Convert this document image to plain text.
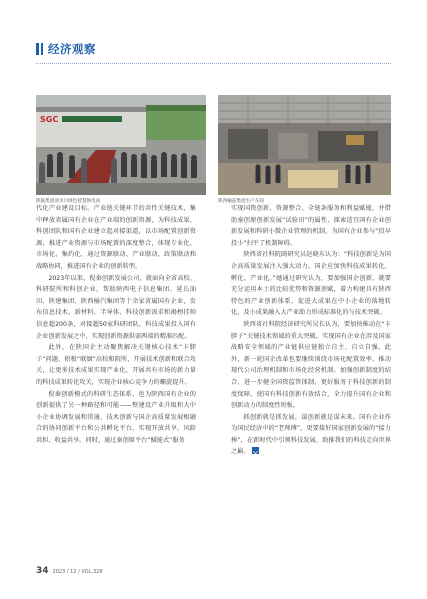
经济观察
SGC
陕鼓集团清水川绿色智慧换电站	陕西榆兹集团生产车间

代化产业建设目标。产业链关键环节的共性关键技术，集中释放省属国有企业在产业端的创新资源，为科技成果、科创团队和国有企业建立起对接渠道，以市场配置创新资源，推进产业资源与市场配置的深度整合，体现专业化、市场化、集约化，通过资源联动、产业联动、政策联动和战略协同，推进国有企业的创新转型。

2023年以来，倪秦创新发展公司，就面向全省高校、科研院所和科创企业，帮助陕西电子信息集团、延长油田、陕建集团、陕西榆汽集团等十余家省属国有企业，发布信息技术、新材料、半导体、科技创新需求和揭榜挂帅信息超200条，对接超50家科研团队，科技成果投入国有企业创新发展之中，实现创新资源供需两端的精准匹配。

此外，在陕国企主动聚焦解决关键核心技术“卡脖子”问题、积极“联姻”高校和院所，开展技术创新和联合攻关，让更多技术成果实现产业化，开展共有市场的新力量的科技成果转化攻关，实现企业核心竞争力的螺旋提升。

倪秦创新模式的科研生态体系，也为陕西国有企业的创新提供了另一种路径和可能——整建设产业升级和大中小企业协调发展和贯通、技术创新与国企高质量发展相融合的协同创新平台和公共孵化平台，实现开放共享、风险共担、收益共享。同时，通过秦创原平台“赋能式”服务

实现国资创新、资源整合、全链条服务和利益赋能，并借助秦创原创新发展“试验田”的属性，探索适宜国有企业创新发展和科研小微企业管理的机制，为国有企业参与“投早投小”扫平了机制障碍。

陕西省社科院副研究员赵晓东认为：“科技创新是为国企高质量发展注入强大动力。国企应加快科技成果转化、孵化、产业化。”她通过研究认为，要加强国企创新，就要充分运用本土的比较优势和资源禀赋，着力构建具有陕西特色的产业创新体系，促进大成果在中小企业的落地转化，及小成果融入大产业助力形成标准化的与技术突破。

陕西省社科院经济研究所吴长认为，要加快推动在“卡脖子”关键技术领域的重大突破，实现国有企业在涉及国家战略安全领域的产业链供应链独立自主、自立自强。此外，新一轮国企改革也要继续围绕市场化配置效率、推动现代公司治理机制和市场化经营机制。加强创新制度的结合，进一步健全国资监管体制，更好服务于科技创新的制度保障，使国有科技创新有效结合，全力提升国有企业和创新动力的制度性短板。

抓创新就是抓发展，谋创新就是谋未来。国有企业作为国民经济中的“老师傅”，更要接好国家创新发展的“接力棒”，在新时代中引领科技发展，助推我们的科技走向世界之巅。

34 2023 / 12 / VOL.328
